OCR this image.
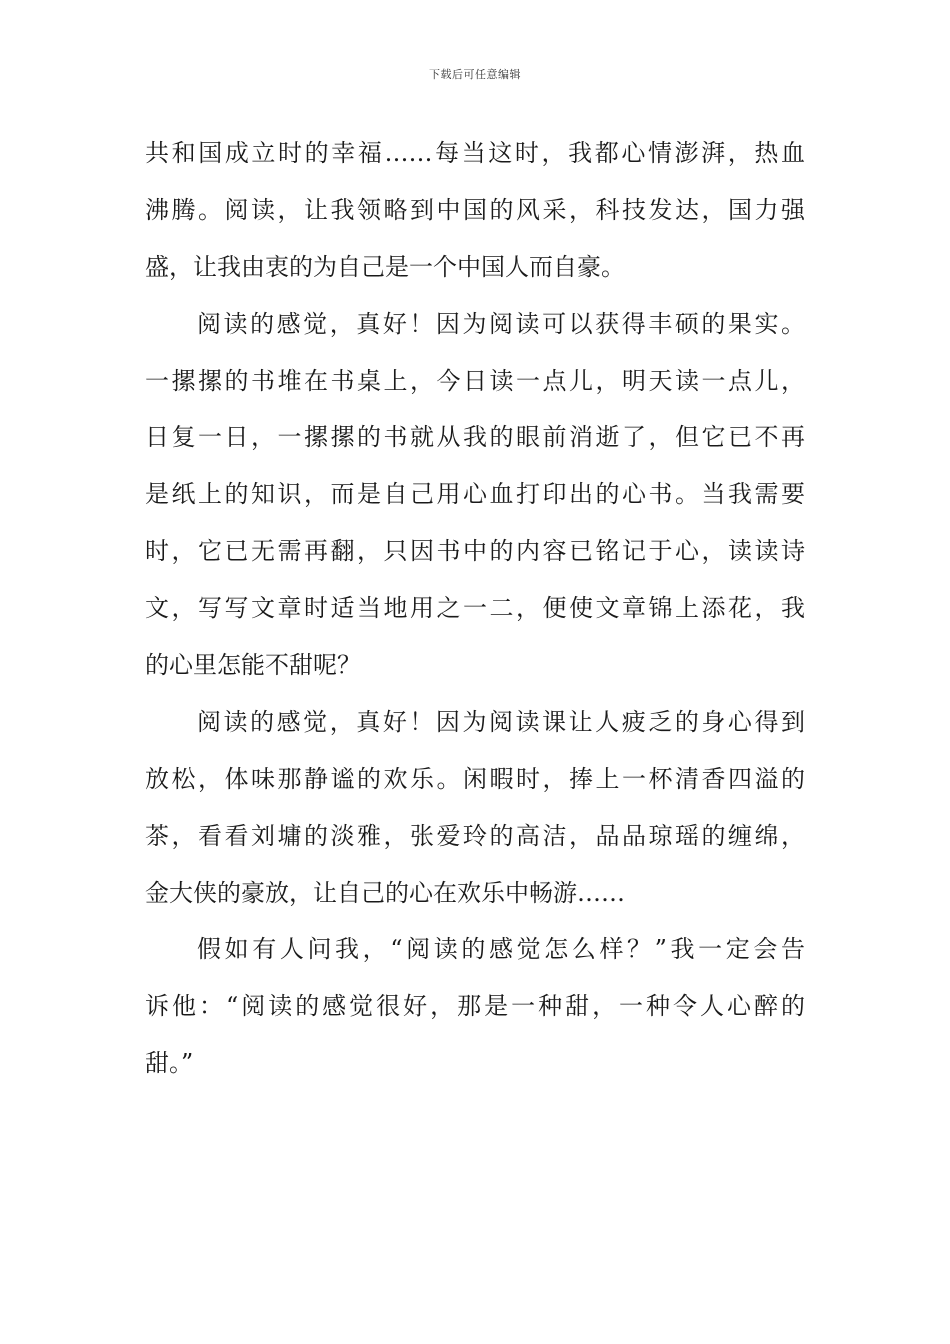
下载后可任意编辑
共和国成立时的幸福……每当这时，我都心情澎湃，热血
沸腾。阅读，让我领略到中国的风采，科技发达，国力强
盛，让我由衷的为自己是一个中国人而自豪。
阅读的感觉，真好！因为阅读可以获得丰硕的果实。
一摞摞的书堆在书桌上，今日读一点儿，明天读一点儿，
日复一日，一摞摞的书就从我的眼前消逝了，但它已不再
是纸上的知识，而是自己用心血打印出的心书。当我需要
时，它已无需再翻，只因书中的内容已铭记于心，读读诗
文，写写文章时适当地用之一二，便使文章锦上添花，我
的心里怎能不甜呢？
阅读的感觉，真好！因为阅读课让人疲乏的身心得到
放松，体味那静谧的欢乐。闲暇时，捧上一杯清香四溢的
茶，看看刘墉的淡雅，张爱玲的高洁，品品琼瑶的缠绵，
金大侠的豪放，让自己的心在欢乐中畅游……
假如有人问我，“阅读的感觉怎么样？”我一定会告
诉他：“阅读的感觉很好，那是一种甜，一种令人心醉的
甜。”
